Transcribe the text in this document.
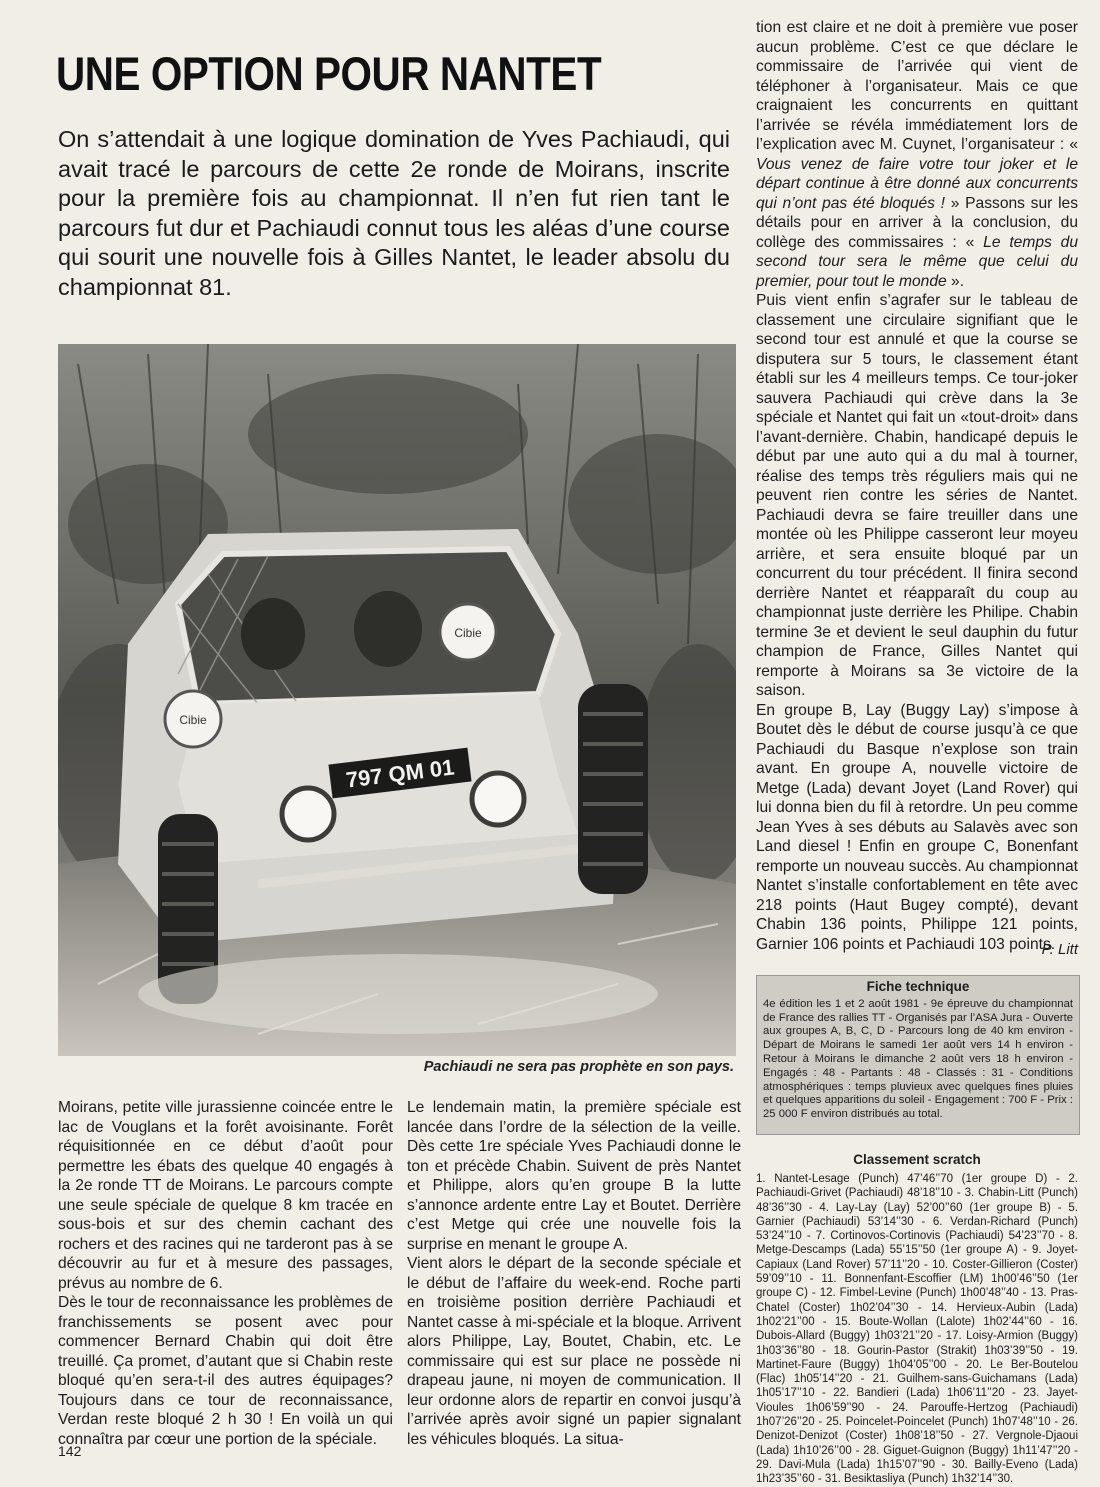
UNE OPTION POUR NANTET
On s’attendait à une logique domination de Yves Pachiaudi, qui avait tracé le parcours de cette 2e ronde de Moirans, inscrite pour la première fois au championnat. Il n’en fut rien tant le parcours fut dur et Pachiaudi connut tous les aléas d’une course qui sourit une nouvelle fois à Gilles Nantet, le leader absolu du championnat 81.
Cibie
Cibie
797 QM 01
Pachiaudi ne sera pas prophète en son pays.

Moirans, petite ville jurassienne coincée entre le lac de Vouglans et la forêt avoisinante. Forêt réquisitionnée en ce début d’août pour permettre les ébats des quelque 40 engagés à la 2e ronde TT de Moirans. Le parcours compte une seule spéciale de quelque 8 km tracée en sous-bois et sur des chemin cachant des rochers et des racines qui ne tarderont pas à se découvrir au fur et à mesure des passages, prévus au nombre de 6.

Dès le tour de reconnaissance les problèmes de franchissements se posent avec pour commencer Bernard Chabin qui doit être treuillé. Ça promet, d’autant que si Chabin reste bloqué qu’en sera-t-il des autres équipages? Toujours dans ce tour de reconnaissance, Verdan reste bloqué 2 h 30 ! En voilà un qui connaîtra par cœur une portion de la spéciale.

Le lendemain matin, la première spéciale est lancée dans l’ordre de la sélection de la veille. Dès cette 1re spéciale Yves Pachiaudi donne le ton et précède Chabin. Suivent de près Nantet et Philippe, alors qu’en groupe B la lutte s’annonce ardente entre Lay et Boutet. Derrière c’est Metge qui crée une nouvelle fois la surprise en menant le groupe A.

Vient alors le départ de la seconde spéciale et le début de l’affaire du week-end. Roche parti en troisième position derrière Pachiaudi et Nantet casse à mi-spéciale et la bloque. Arrivent alors Philippe, Lay, Boutet, Chabin, etc. Le commissaire qui est sur place ne possède ni drapeau jaune, ni moyen de communication. Il leur ordonne alors de repartir en convoi jusqu’à l’arrivée après avoir signé un papier signalant les véhicules bloqués. La situa-

tion est claire et ne doit à première vue poser aucun problème. C’est ce que déclare le commissaire de l’arrivée qui vient de téléphoner à l’organisateur. Mais ce que craignaient les concurrents en quittant l’arrivée se révéla immédiatement lors de l’explication avec M. Cuynet, l’organisateur : « Vous venez de faire votre tour joker et le départ continue à être donné aux concurrents qui n’ont pas été bloqués ! » Passons sur les détails pour en arriver à la conclusion, du collège des commissaires : « Le temps du second tour sera le même que celui du premier, pour tout le monde ».

Puis vient enfin s’agrafer sur le tableau de classement une circulaire signifiant que le second tour est annulé et que la course se disputera sur 5 tours, le classement étant établi sur les 4 meilleurs temps. Ce tour-joker sauvera Pachiaudi qui crève dans la 3e spéciale et Nantet qui fait un «tout-droit» dans l’avant-dernière. Chabin, handicapé depuis le début par une auto qui a du mal à tourner, réalise des temps très réguliers mais qui ne peuvent rien contre les séries de Nantet. Pachiaudi devra se faire treuiller dans une montée où les Philippe casseront leur moyeu arrière, et sera ensuite bloqué par un concurrent du tour précédent. Il finira second derrière Nantet et réapparaît du coup au championnat juste derrière les Philipe. Chabin termine 3e et devient le seul dauphin du futur champion de France, Gilles Nantet qui remporte à Moirans sa 3e victoire de la saison.

En groupe B, Lay (Buggy Lay) s’impose à Boutet dès le début de course jusqu’à ce que Pachiaudi du Basque n’explose son train avant. En groupe A, nouvelle victoire de Metge (Lada) devant Joyet (Land Rover) qui lui donna bien du fil à retordre. Un peu comme Jean Yves à ses débuts au Salavès avec son Land diesel ! Enfin en groupe C, Bonenfant remporte un nouveau succès. Au championnat Nantet s’installe confortablement en tête avec 218 points (Haut Bugey compté), devant Chabin 136 points, Philippe 121 points, Garnier 106 points et Pachiaudi 103 points.

P. Litt
Fiche technique
4e édition les 1 et 2 août 1981 - 9e épreuve du championnat de France des rallies TT - Organisés par l’ASA Jura - Ouverte aux groupes A, B, C, D - Parcours long de 40 km environ - Départ de Moirans le samedi 1er août vers 14 h environ - Retour à Moirans le dimanche 2 août vers 18 h environ - Engagés : 48 - Partants : 48 - Classés : 31 - Conditions atmosphériques : temps pluvieux avec quelques fines pluies et quelques apparitions du soleil - Engagement : 700 F - Prix : 25 000 F environ distribués au total.
Classement scratch
1. Nantet-Lesage (Punch) 47’46’’70 (1er groupe D) - 2. Pachiaudi-Grivet (Pachiaudi) 48’18’’10 - 3. Chabin-Litt (Punch) 48’36’’30 - 4. Lay-Lay (Lay) 52’00’’60 (1er groupe B) - 5. Garnier (Pachiaudi) 53’14’’30 - 6. Verdan-Richard (Punch) 53’24’’10 - 7. Cortinovos-Cortinovis (Pachiaudi) 54’23’’70 - 8. Metge-Descamps (Lada) 55’15’’50 (1er groupe A) - 9. Joyet-Capiaux (Land Rover) 57’11’’20 - 10. Coster-Gillieron (Coster) 59’09’’10 - 11. Bonnenfant-Escoffier (LM) 1h00’46’’50 (1er groupe C) - 12. Fimbel-Levine (Punch) 1h00’48’’40 - 13. Pras-Chatel (Coster) 1h02’04’’30 - 14. Hervieux-Aubin (Lada) 1h02’21’’00 - 15. Boute-Wollan (Lalote) 1h02’44’’60 - 16. Dubois-Allard (Buggy) 1h03’21’’20 - 17. Loisy-Armion (Buggy) 1h03’36’’80 - 18. Gourin-Pastor (Strakit) 1h03’39’’50 - 19. Martinet-Faure (Buggy) 1h04’05’’00 - 20. Le Ber-Boutelou (Flac) 1h05’14’’20 - 21. Guilhem-sans-Guichamans (Lada) 1h05’17’’10 - 22. Bandieri (Lada) 1h06’11’’20 - 23. Jayet-Vioules 1h06’59’’90 - 24. Parouffe-Hertzog (Pachiaudi) 1h07’26’’20 - 25. Poincelet-Poincelet (Punch) 1h07’48’’10 - 26. Denizot-Denizot (Coster) 1h08’18’’50 - 27. Vergnole-Djaoui (Lada) 1h10’26’’00 - 28. Giguet-Guignon (Buggy) 1h11’47’’20 - 29. Davi-Mula (Lada) 1h15’07’’90 - 30. Bailly-Eveno (Lada) 1h23’35’’60 - 31. Besiktasliya (Punch) 1h32’14’’30.
142
